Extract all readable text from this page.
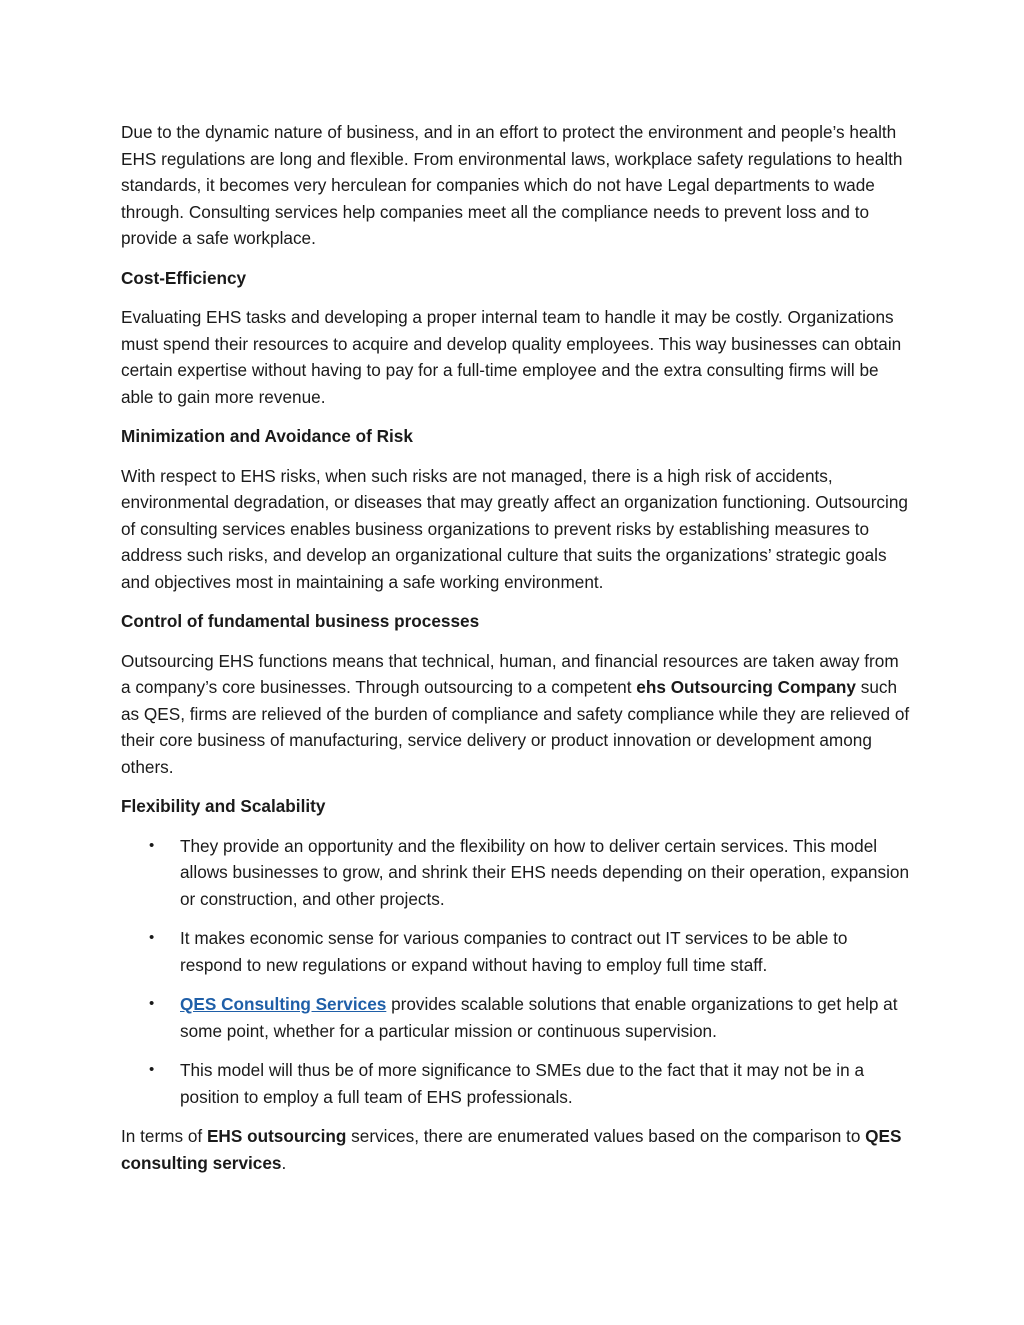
Due to the dynamic nature of business, and in an effort to protect the environment and people’s health EHS regulations are long and flexible. From environmental laws, workplace safety regulations to health standards, it becomes very herculean for companies which do not have Legal departments to wade through. Consulting services help companies meet all the compliance needs to prevent loss and to provide a safe workplace.

Cost-Efficiency

Evaluating EHS tasks and developing a proper internal team to handle it may be costly. Organizations must spend their resources to acquire and develop quality employees. This way businesses can obtain certain expertise without having to pay for a full-time employee and the extra consulting firms will be able to gain more revenue.

Minimization and Avoidance of Risk

With respect to EHS risks, when such risks are not managed, there is a high risk of accidents, environmental degradation, or diseases that may greatly affect an organization functioning. Outsourcing of consulting services enables business organizations to prevent risks by establishing measures to address such risks, and develop an organizational culture that suits the organizations’ strategic goals and objectives most in maintaining a safe working environment.

Control of fundamental business processes

Outsourcing EHS functions means that technical, human, and financial resources are taken away from a company’s core businesses. Through outsourcing to a competent ehs Outsourcing Company such as QES, firms are relieved of the burden of compliance and safety compliance while they are relieved of their core business of manufacturing, service delivery or product innovation or development among others.

Flexibility and Scalability
• They provide an opportunity and the flexibility on how to deliver certain services. This model allows businesses to grow, and shrink their EHS needs depending on their operation, expansion or construction, and other projects.
• It makes economic sense for various companies to contract out IT services to be able to respond to new regulations or expand without having to employ full time staff.
• QES Consulting Services provides scalable solutions that enable organizations to get help at some point, whether for a particular mission or continuous supervision.
• This model will thus be of more significance to SMEs due to the fact that it may not be in a position to employ a full team of EHS professionals.

In terms of EHS outsourcing services, there are enumerated values based on the comparison to QES consulting services.
